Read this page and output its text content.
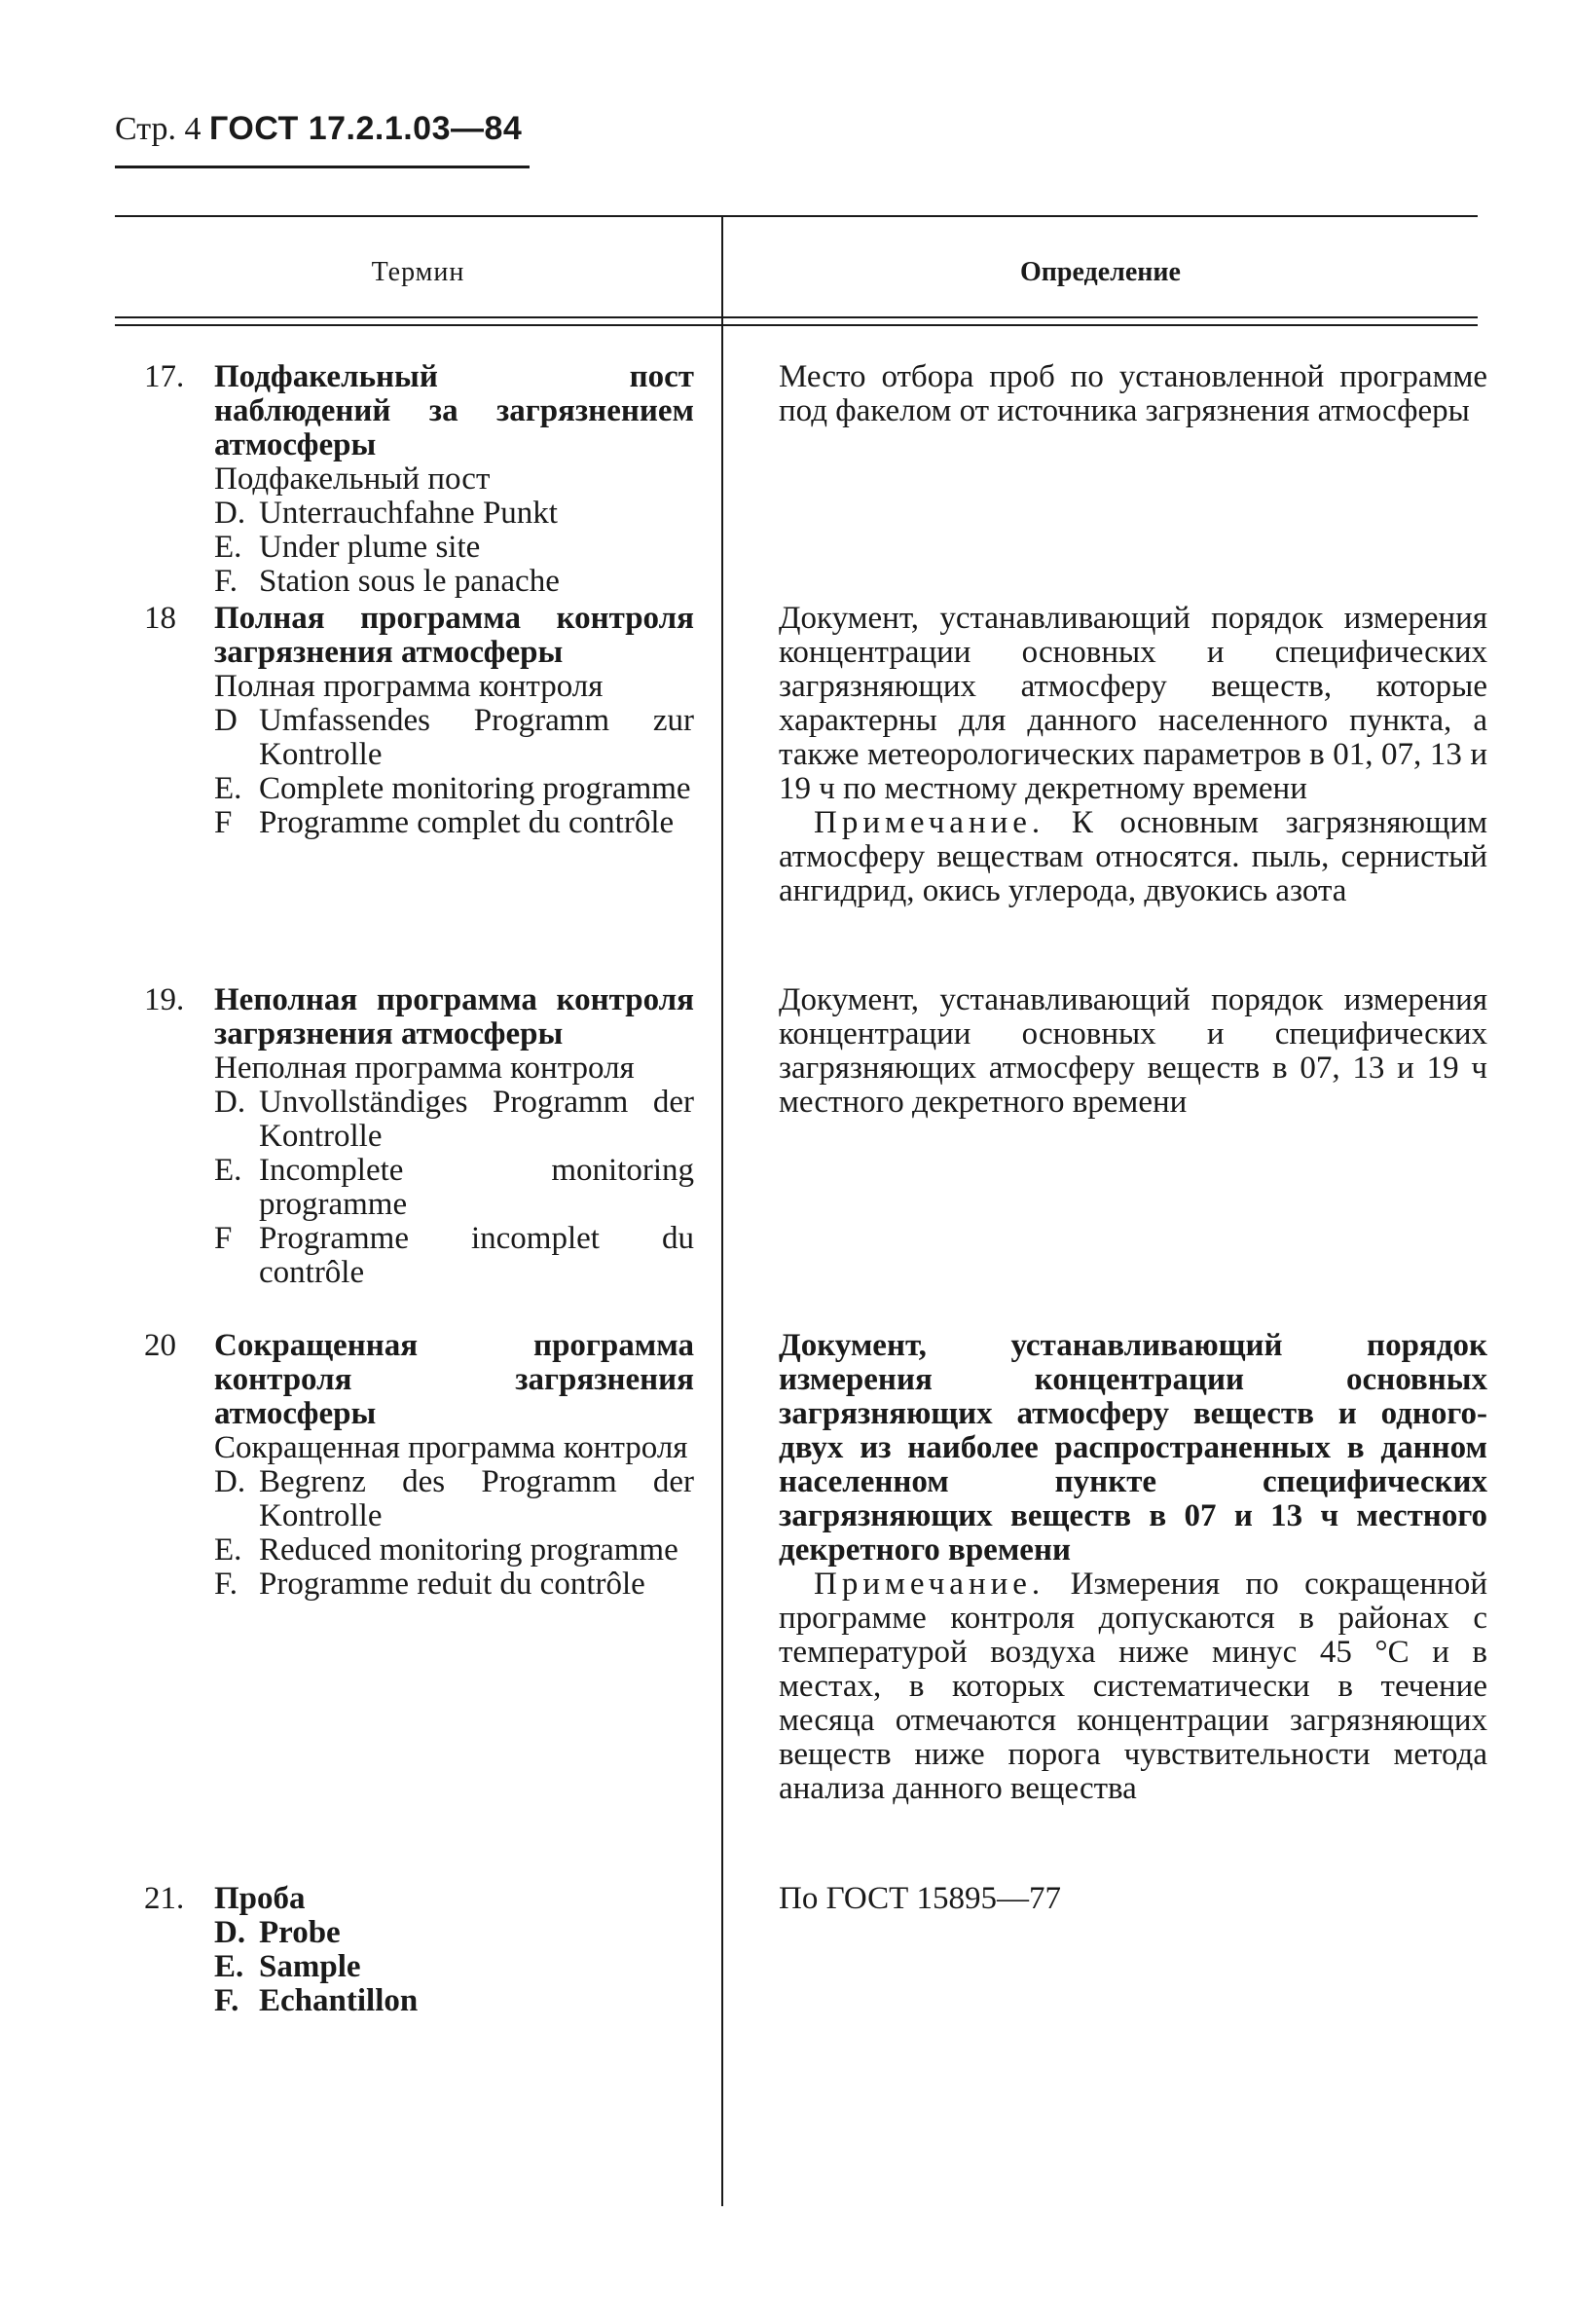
Стр. 4 ГОСТ 17.2.1.03—84
Термин	Определение
17. Подфакельный пост наблюдений за загрязнением атмосферы
Подфакельный пост
D. Unterrauchfahne Punkt
E. Under plume site
F. Station sous le panache
Место отбора проб по установленной программе под факелом от источника загрязнения атмосферы
18 Полная программа контроля загрязнения атмосферы
Полная программа контроля
D Umfassendes Programm zur Kontrolle
E. Complete monitoring programme
F Programme complet du contrôle
Документ, устанавливающий порядок измерения концентрации основных и специфических загрязняющих атмосферу веществ, которые характерны для данного населенного пункта, а также метеорологических параметров в 01, 07, 13 и 19 ч по местному декретному времени
Примечание. К основным загрязняющим атмосферу веществам относятся. пыль, сернистый ангидрид, окись углерода, двуокись азота
19. Неполная программа контроля загрязнения атмосферы
Неполная программа контроля
D. Unvollständiges Programm der Kontrolle
E. Incomplete monitoring programme
F Programme incomplet du contrôle
Документ, устанавливающий порядок измерения концентрации основных и специфических загрязняющих атмосферу веществ в 07, 13 и 19 ч местного декретного времени
20 Сокращенная программа контроля загрязнения атмосферы
Сокращенная программа контроля
D. Begrenz des Programm der Kontrolle
E. Reduced monitoring programme
F. Programme reduit du contrôle
Документ, устанавливающий порядок измерения концентрации основных загрязняющих атмосферу веществ и одного-двух из наиболее распространенных в данном населенном пункте специфических загрязняющих веществ в 07 и 13 ч местного декретного времени
Примечание. Измерения по сокращенной программе контроля допускаются в районах с температурой воздуха ниже минус 45 °С и в местах, в которых систематически в течение месяца отмечаются концентрации загрязняющих веществ ниже порога чувствительности метода анализа данного вещества
21. Проба
D. Probe
E. Sample
F. Echantillon
По ГОСТ 15895—77
